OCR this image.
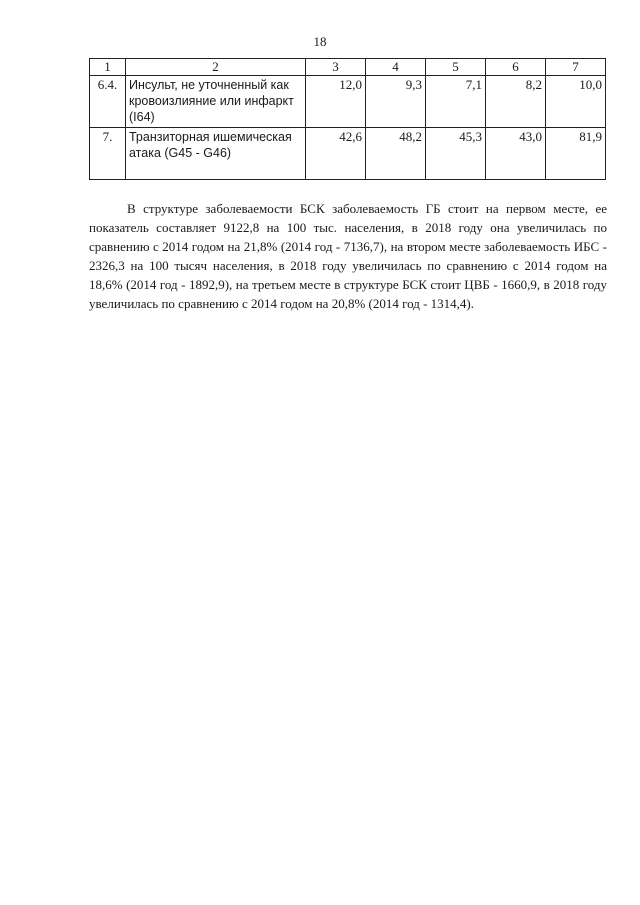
18
1	2	3	4	5	6	7
6.4.	Инсульт, не уточненный как кровоизлияние или инфаркт (I64)	12,0	9,3	7,1	8,2	10,0
7.	Транзиторная ишемическая атака (G45 - G46)	42,6	48,2	45,3	43,0	81,9

В структуре заболеваемости БСК заболеваемость ГБ стоит на первом месте, ее показатель составляет 9122,8 на 100 тыс. населения, в 2018 году она увеличилась по сравнению с 2014 годом на 21,8% (2014 год - 7136,7), на втором месте заболеваемость ИБС - 2326,3 на 100 тысяч населения, в 2018 году увеличилась по сравнению с 2014 годом на 18,6% (2014 год - 1892,9), на третьем месте в структуре БСК стоит ЦВБ - 1660,9, в 2018 году увеличилась по сравнению с 2014 годом на 20,8% (2014 год - 1314,4).
